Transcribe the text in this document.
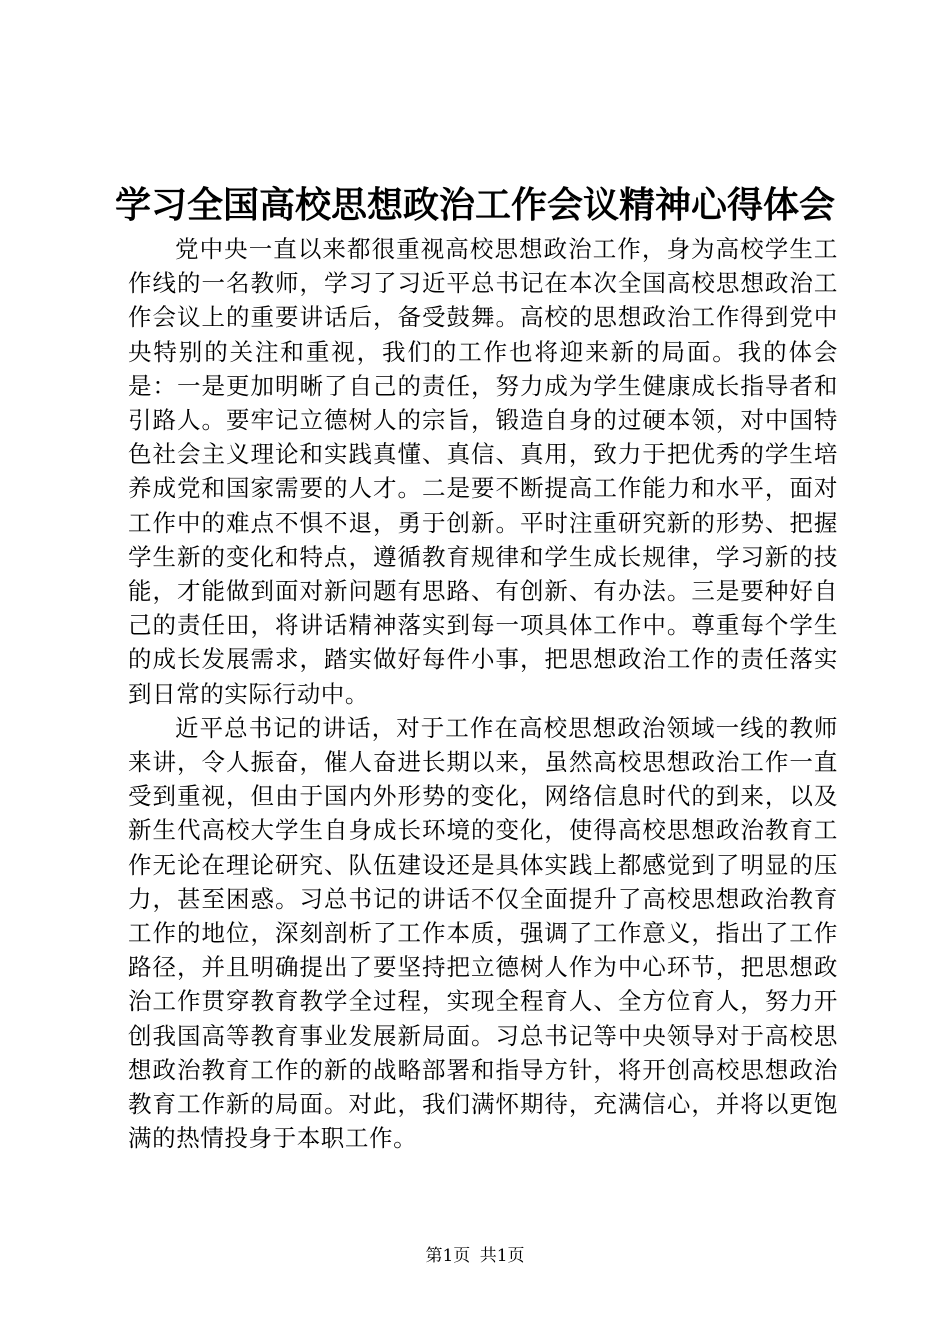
学习全国高校思想政治工作会议精神心得体会

党中央一直以来都很重视高校思想政治工作，身为高校学生工作线的一名教师，学习了习近平总书记在本次全国高校思想政治工作会议上的重要讲话后，备受鼓舞。高校的思想政治工作得到党中央特别的关注和重视，我们的工作也将迎来新的局面。我的体会是：一是更加明晰了自己的责任，努力成为学生健康成长指导者和引路人。要牢记立德树人的宗旨，锻造自身的过硬本领，对中国特色社会主义理论和实践真懂、真信、真用，致力于把优秀的学生培养成党和国家需要的人才。二是要不断提高工作能力和水平，面对工作中的难点不惧不退，勇于创新。平时注重研究新的形势、把握学生新的变化和特点，遵循教育规律和学生成长规律，学习新的技能，才能做到面对新问题有思路、有创新、有办法。三是要种好自己的责任田，将讲话精神落实到每一项具体工作中。尊重每个学生的成长发展需求，踏实做好每件小事，把思想政治工作的责任落实到日常的实际行动中。

近平总书记的讲话，对于工作在高校思想政治领域一线的教师来讲，令人振奋，催人奋进长期以来，虽然高校思想政治工作一直受到重视，但由于国内外形势的变化，网络信息时代的到来，以及新生代高校大学生自身成长环境的变化，使得高校思想政治教育工作无论在理论研究、队伍建设还是具体实践上都感觉到了明显的压力，甚至困惑。习总书记的讲话不仅全面提升了高校思想政治教育工作的地位，深刻剖析了工作本质，强调了工作意义，指出了工作路径，并且明确提出了要坚持把立德树人作为中心环节，把思想政治工作贯穿教育教学全过程，实现全程育人、全方位育人，努力开创我国高等教育事业发展新局面。习总书记等中央领导对于高校思想政治教育工作的新的战略部署和指导方针，将开创高校思想政治教育工作新的局面。对此，我们满怀期待，充满信心，并将以更饱满的热情投身于本职工作。

第1页 共1页
